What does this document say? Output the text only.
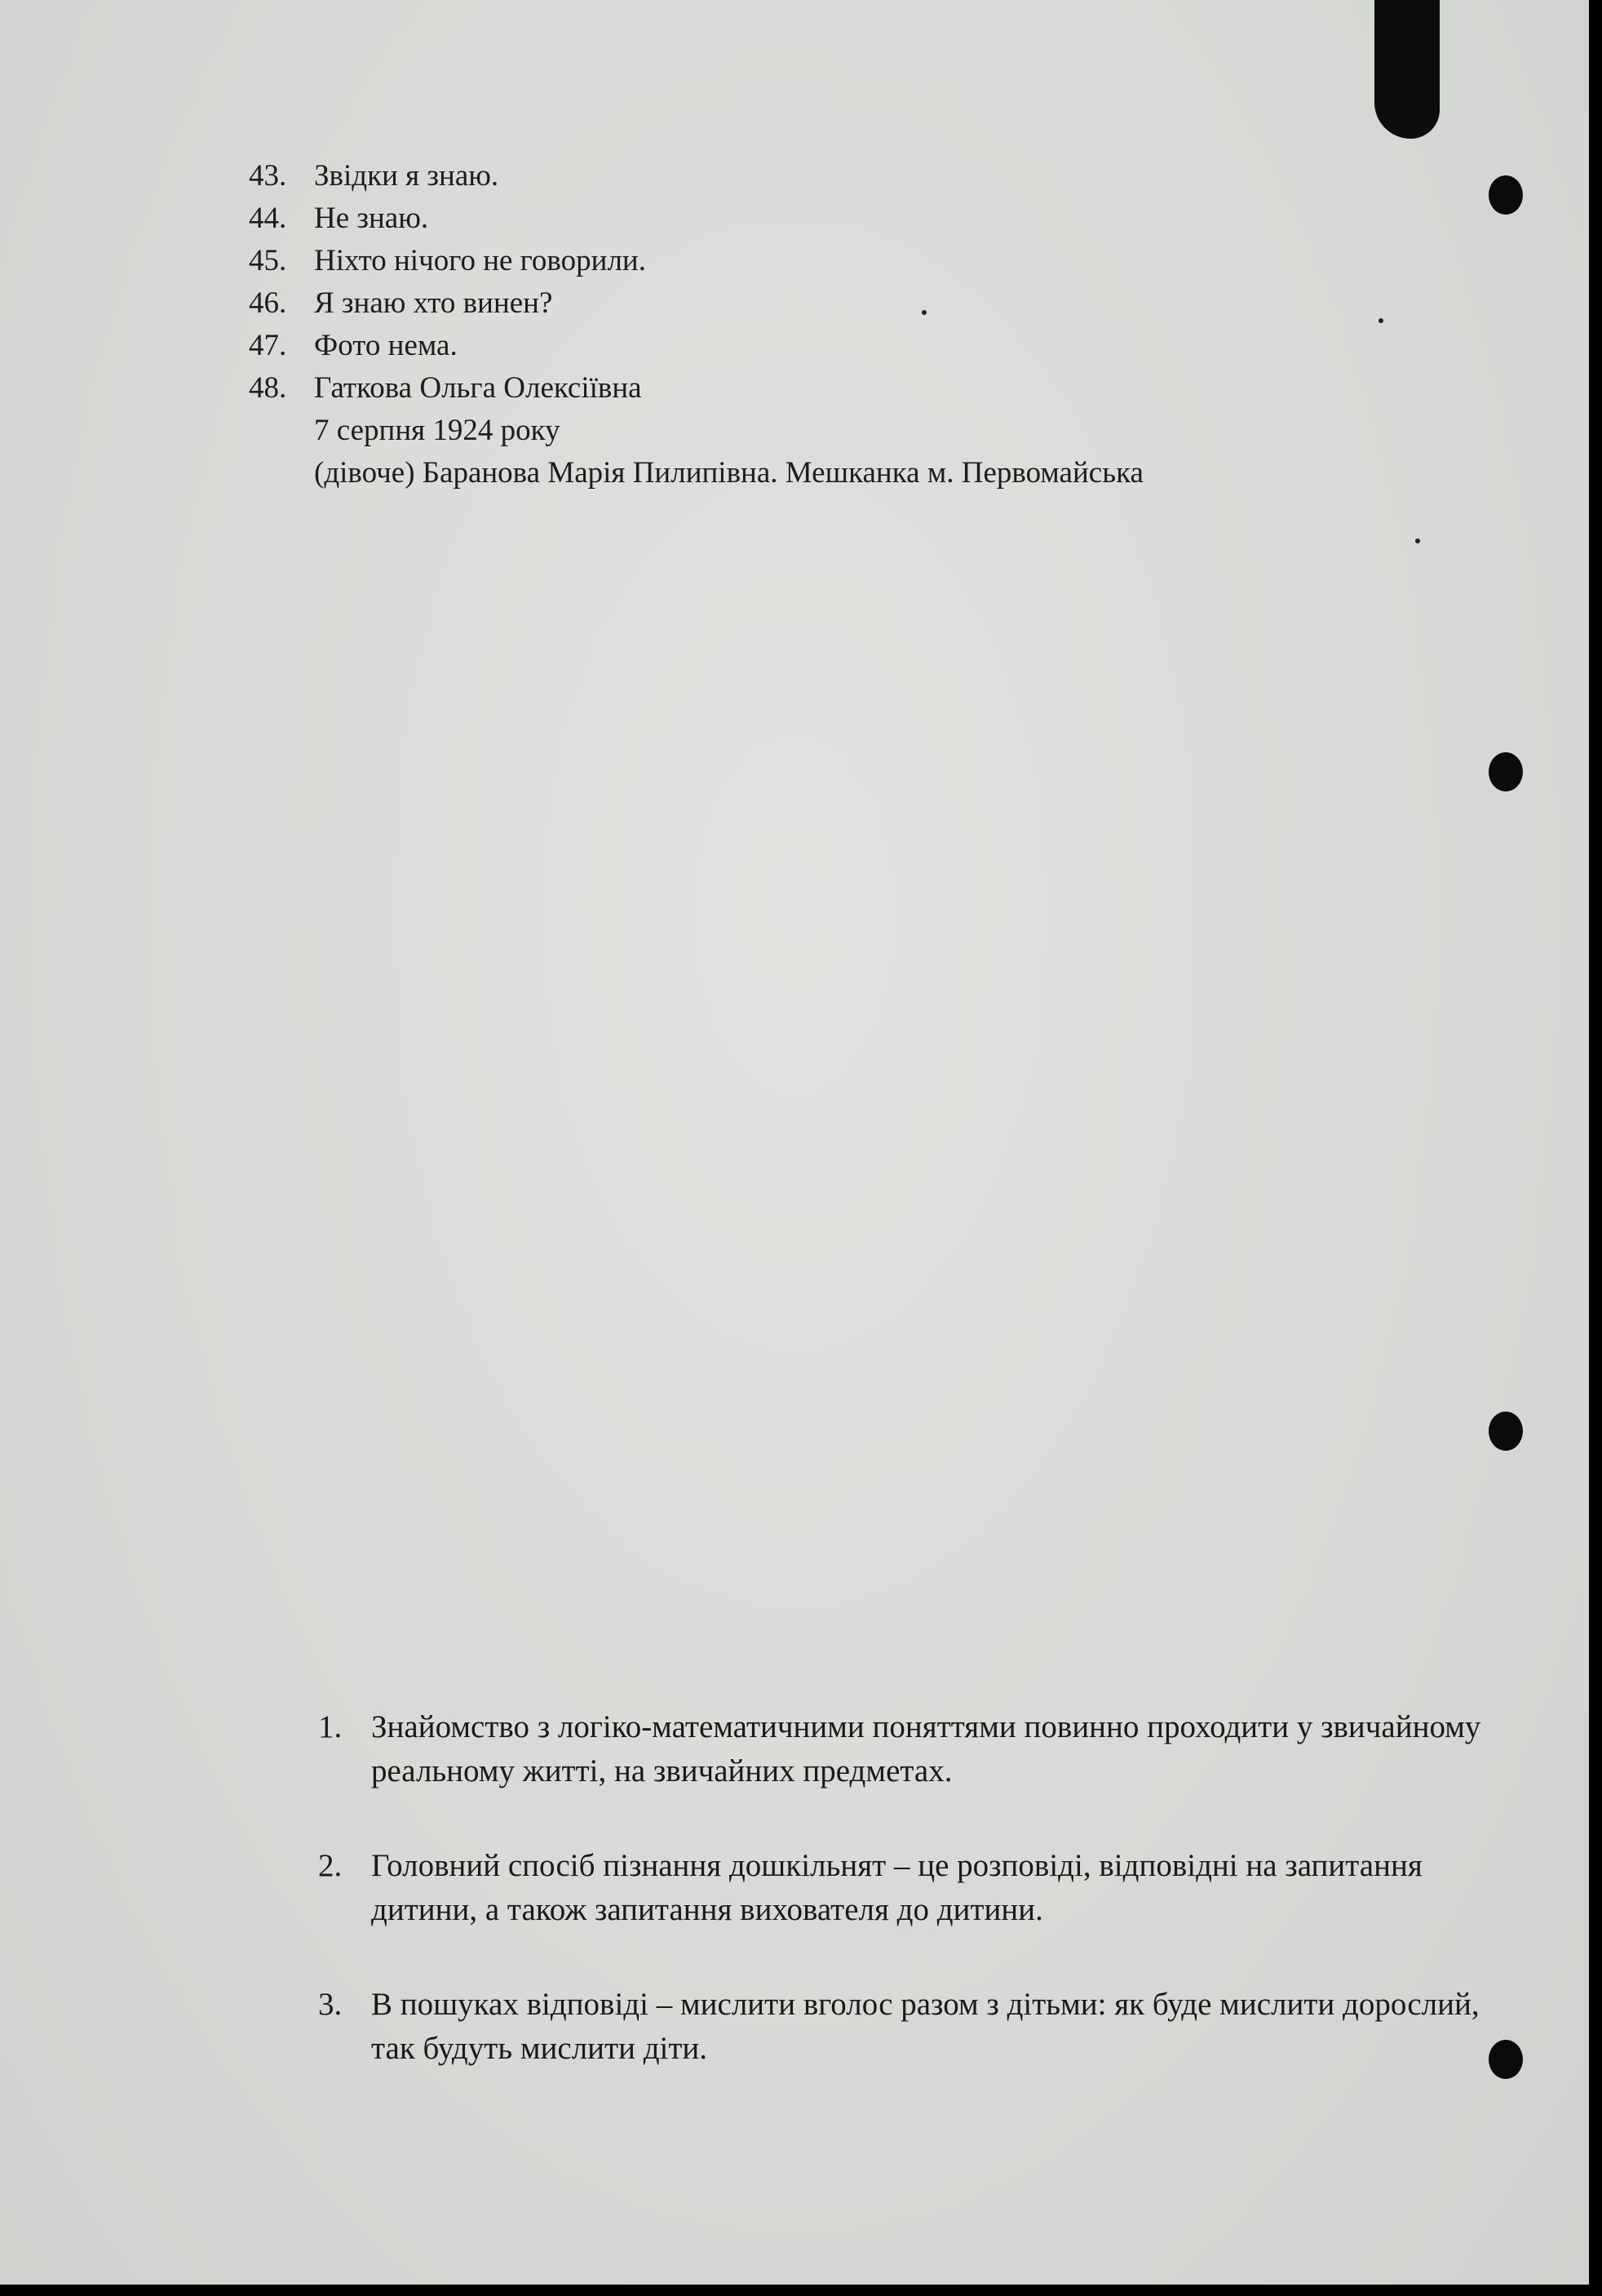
43. Звідки я знаю.
44. Не знаю.
45. Ніхто нічого не говорили.
46. Я знаю хто винен?
47. Фото нема.
48. Гаткова Ольга Олексіївна
7 серпня 1924 року
(дівоче) Баранова Марія Пилипівна. Мешканка м. Первомайська
1. Знайомство з логіко-математичними поняттями повинно проходити у звичайному реальному житті, на звичайних предметах.
2. Головний спосіб пізнання дошкільнят – це розповіді, відповідні на запитання дитини, а також запитання вихователя до дитини.
3. В пошуках відповіді – мислити вголос разом з дітьми: як буде мислити дорослий, так будуть мислити діти.
